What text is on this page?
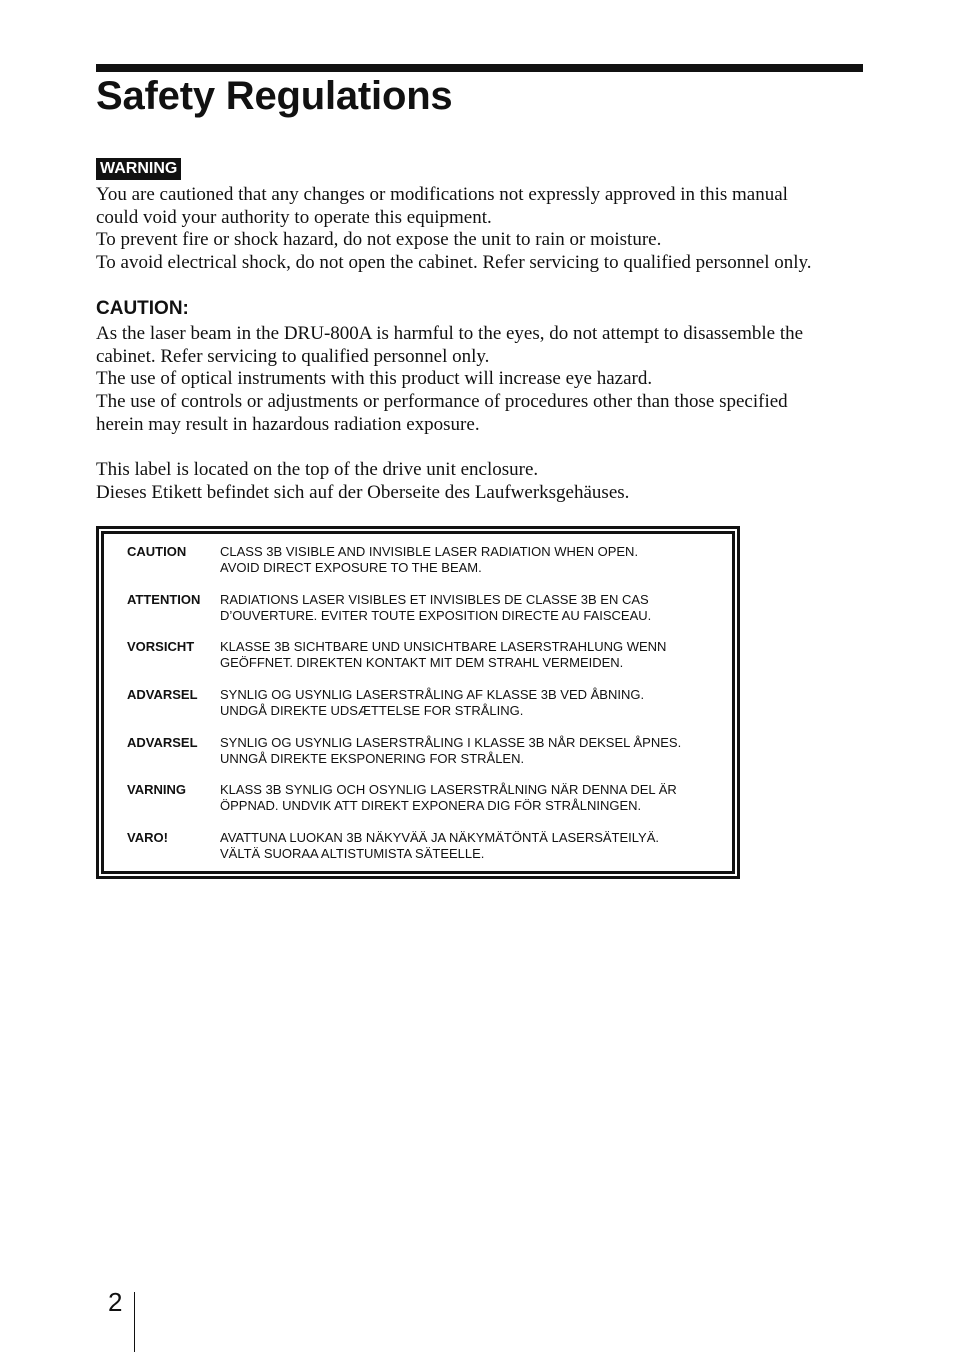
Safety Regulations
WARNING

You are cautioned that any changes or modifications not expressly approved in this manual

could void your authority to operate this equipment.

To prevent fire or shock hazard, do not expose the unit to rain or moisture.

To avoid electrical shock, do not open the cabinet. Refer servicing to qualified personnel only.

CAUTION:

As the laser beam in the DRU-800A is harmful to the eyes, do not attempt to disassemble the

cabinet. Refer servicing to qualified personnel only.

The use of optical instruments with this product will increase eye hazard.

The use of controls or adjustments or performance of procedures other than those specified

herein may result in hazardous radiation exposure.

This label is located on the top of the drive unit enclosure.

Dieses Etikett befindet sich auf der Oberseite des Laufwerksgehäuses.

CAUTION	CLASS 3B VISIBLE AND INVISIBLE LASER RADIATION WHEN OPEN.
AVOID DIRECT EXPOSURE TO THE BEAM.
ATTENTION RADIATIONS LASER VISIBLES ET INVISIBLES DE CLASSE 3B EN CAS
D’OUVERTURE. EVITER TOUTE EXPOSITION DIRECTE AU FAISCEAU.
VORSICHT KLASSE 3B SICHTBARE UND UNSICHTBARE LASERSTRAHLUNG WENN
GEÖFFNET. DIREKTEN KONTAKT MIT DEM STRAHL VERMEIDEN.
ADVARSEL SYNLIG OG USYNLIG LASERSTRÅLING AF KLASSE 3B VED ÅBNING.
UNDGÅ DIREKTE UDSÆTTELSE FOR STRÅLING.
ADVARSEL SYNLIG OG USYNLIG LASERSTRÅLING I KLASSE 3B NÅR DEKSEL ÅPNES.
UNNGÅ DIREKTE EKSPONERING FOR STRÅLEN.
VARNING	KLASS 3B SYNLIG OCH OSYNLIG LASERSTRÅLNING NÄR DENNA DEL ÄR
ÖPPNAD. UNDVIK ATT DIREKT EXPONERA DIG FÖR STRÅLNINGEN.
VARO!	AVATTUNA LUOKAN 3B NÄKYVÄÄ JA NÄKYMÄTÖNTÄ LASERSÄTEILYÄ.
VÄLTÄ SUORAA ALTISTUMISTA SÄTEELLE.
2
